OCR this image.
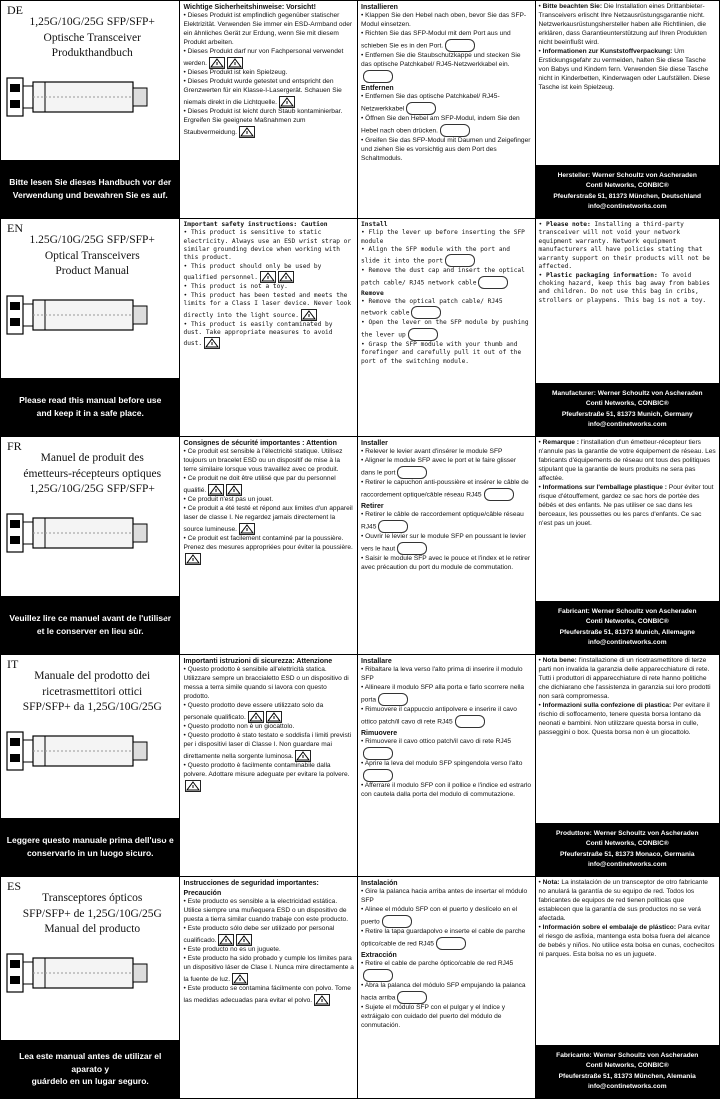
DE
1,25G/10G/25G SFP/SFP+
Optische Transceiver
Produkthandbuch
Bitte lesen Sie dieses Handbuch vor der
Verwendung und bewahren Sie es auf.
Wichtige Sicherheitshinweise: Vorsicht!
• Dieses Produkt ist empfindlich gegenüber statischer Elektrizität. Verwenden Sie immer ein ESD-Armband oder ein ähnliches Gerät zur Erdung, wenn Sie mit diesem Produkt arbeiten.
• Dieses Produkt darf nur von Fachpersonal verwendet werden.
• Dieses Produkt ist kein Spielzeug.
• Dieses Produkt wurde getestet und entspricht den Grenzwerten für ein Klasse-I-Lasergerät. Schauen Sie niemals direkt in die Lichtquelle.
• Dieses Produkt ist leicht durch Staub kontaminierbar. Ergreifen Sie geeignete Maßnahmen zum Staubvermeidung.
Installieren
• Klappen Sie den Hebel nach oben, bevor Sie das SFP-Modul einsetzen.
• Richten Sie das SFP-Modul mit dem Port aus und schieben Sie es in den Port.
• Entfernen Sie die Staubschutzkappe und stecken Sie das optische Patchkabel/ RJ45-Netzwerkkabel ein.
Entfernen
• Entfernen Sie das optische Patchkabel/ RJ45-Netzwerkkabel
• Öffnen Sie den Hebel am SFP-Modul, indem Sie den Hebel nach oben drücken.
• Greifen Sie das SFP-Modul mit Daumen und Zeigefinger und ziehen Sie es vorsichtig aus dem Port des Schaltmoduls.
• Bitte beachten Sie: Die Installation eines Drittanbieter-Transceivers erlischt Ihre Netzausrüstungsgarantie nicht. Netzwerkausrüstungshersteller haben alle Richtlinien, die erklären, dass Garantieunterstützung auf Ihren Produkten nicht beeinflußt wird.
• Informationen zur Kunststoffverpackung: Um Erstickungsgefahr zu vermeiden, halten Sie diese Tasche von Babys und Kindern fern. Verwenden Sie diese Tasche nicht in Kinderbetten, Kinderwagen oder Laufställen. Diese Tasche ist kein Spielzeug.
Hersteller: Werner Schoultz von Ascheraden
Conti Networks, CONBIC®
Pfeuferstraße 51, 81373 München, Deutschland
info@continetworks.com
EN
1.25G/10G/25G SFP/SFP+
Optical Transceivers
Product Manual
Please read this manual before use
and keep it in a safe place.
Important safety instructions: Caution
• This product is sensitive to static electricity. Always use an ESD wrist strap or similar grounding device when working with this product.
• This product should only be used by qualified personnel.
• This product is not a toy.
• This product has been tested and meets the limits for a Class I laser device. Never look directly into the light source.
• This product is easily contaminated by dust. Take appropriate measures to avoid dust.
Install
• Flip the lever up before inserting the SFP module
• Align the SFP module with the port and slide it into the port
• Remove the dust cap and insert the optical patch cable/ RJ45 network cable
Remove
• Remove the optical patch cable/ RJ45 network cable
• Open the lever on the SFP module by pushing the lever up
• Grasp the SFP module with your thumb and forefinger and carefully pull it out of the port of the switching module.
• Please note: Installing a third-party transceiver will not void your network equipment warranty. Network equipment manufacturers all have policies stating that warranty support on their products will not be affected.
• Plastic packaging information: To avoid choking hazard, keep this bag away from babies and children. Do not use this bag in cribs, strollers or playpens. This bag is not a toy.
Manufacturer: Werner Schoultz von Ascheraden
Conti Networks, CONBIC®
Pfeuferstraße 51, 81373 Munich, Germany
info@continetworks.com
FR
Manuel de produit des
émetteurs-récepteurs optiques
1,25G/10G/25G SFP/SFP+
Veuillez lire ce manuel avant de l'utiliser
et le conserver en lieu sûr.
Consignes de sécurité importantes : Attention
• Ce produit est sensible à l'électricité statique. Utilisez toujours un bracelet ESD ou un dispositif de mise à la terre similaire lorsque vous travaillez avec ce produit.
• Ce produit ne doit être utilisé que par du personnel qualifié.
• Ce produit n'est pas un jouet.
• Ce produit a été testé et répond aux limites d'un appareil laser de classe I. Ne regardez jamais directement la source lumineuse.
• Ce produit est facilement contaminé par la poussière. Prenez des mesures appropriées pour éviter la poussière.
Installer
• Relever le levier avant d'insérer le module SFP
• Aligner le module SFP avec le port et le faire glisser dans le port
• Retirer le capuchon anti-poussière et insérer le câble de raccordement optique/câble réseau RJ45
Retirer
• Retirer le câble de raccordement optique/câble réseau RJ45
• Ouvrir le levier sur le module SFP en poussant le levier vers le haut
• Saisir le module SFP avec le pouce et l'index et le retirer avec précaution du port du module de commutation.
• Remarque : l'installation d'un émetteur-récepteur tiers n'annule pas la garantie de votre équipement de réseau. Les fabricants d'équipements de réseau ont tous des politiques stipulant que la garantie de leurs produits ne sera pas affectée.
• Informations sur l'emballage plastique : Pour éviter tout risque d'étouffement, gardez ce sac hors de portée des bébés et des enfants. Ne pas utiliser ce sac dans les berceaux, les poussettes ou les parcs d'enfants. Ce sac n'est pas un jouet.
Fabricant: Werner Schoultz von Ascheraden
Conti Networks, CONBIC®
Pfeuferstraße 51, 81373 Munich, Allemagne
info@continetworks.com
IT
Manuale del prodotto dei
ricetrasmettitori ottici
SFP/SFP+ da 1,25G/10G/25G
Leggere questo manuale prima dell'uso e
conservarlo in un luogo sicuro.
Importanti istruzioni di sicurezza: Attenzione
• Questo prodotto è sensibile all'elettricità statica. Utilizzare sempre un braccialetto ESD o un dispositivo di messa a terra simile quando si lavora con questo prodotto.
• Questo prodotto deve essere utilizzato solo da personale qualificato.
• Questo prodotto non è un giocattolo.
• Questo prodotto è stato testato e soddisfa i limiti previsti per i dispositivi laser di Classe I. Non guardare mai direttamente nella sorgente luminosa.
• Questo prodotto è facilmente contaminabile dalla polvere. Adottare misure adeguate per evitare la polvere.
Installare
• Ribaltare la leva verso l'alto prima di inserire il modulo SFP
• Allineare il modulo SFP alla porta e farlo scorrere nella porta
• Rimuovere il cappuccio antipolvere e inserire il cavo ottico patch/il cavo di rete RJ45
Rimuovere
• Rimuovere il cavo ottico patch/il cavo di rete RJ45
• Aprire la leva del modulo SFP spingendola verso l'alto
• Afferrare il modulo SFP con il pollice e l'indice ed estrarlo con cautela dalla porta del modulo di commutazione.
• Nota bene: l'installazione di un ricetrasmettitore di terze parti non invalida la garanzia delle apparecchiature di rete. Tutti i produttori di apparecchiature di rete hanno politiche che dichiarano che l'assistenza in garanzia sui loro prodotti non sarà compromessa.
• Informazioni sulla confezione di plastica: Per evitare il rischio di soffocamento, tenere questa borsa lontano da neonati e bambini. Non utilizzare questa borsa in culle, passeggini o box. Questa borsa non è un giocattolo.
Produttore: Werner Schoultz von Ascheraden
Conti Networks, CONBIC®
Pfeuferstraße 51, 81373 Monaco, Germania
info@continetworks.com
ES
Transceptores ópticos
SFP/SFP+ de 1,25G/10G/25G
Manual del producto
Lea este manual antes de utilizar el aparato y
guárdelo en un lugar seguro.
Instrucciones de seguridad importantes:
Precaución
• Este producto es sensible a la electricidad estática. Utilice siempre una muñequera ESD o un dispositivo de puesta a tierra similar cuando trabaje con este producto.
• Este producto sólo debe ser utilizado por personal cualificado.
• Este producto no es un juguete.
• Este producto ha sido probado y cumple los límites para un dispositivo láser de Clase I. Nunca mire directamente a la fuente de luz.
• Este producto se contamina fácilmente con polvo. Tome las medidas adecuadas para evitar el polvo.
Instalación
• Gire la palanca hacia arriba antes de insertar el módulo SFP
• Alinee el módulo SFP con el puerto y deslícelo en el puerto
• Retire la tapa guardapolvo e inserte el cable de parche óptico/cable de red RJ45
Extracción
• Retire el cable de parche óptico/cable de red RJ45
• Abra la palanca del módulo SFP empujando la palanca hacia arriba
• Sujete el módulo SFP con el pulgar y el índice y extráigalo con cuidado del puerto del módulo de conmutación.
• Nota: La instalación de un transceptor de otro fabricante no anulará la garantía de su equipo de red. Todos los fabricantes de equipos de red tienen políticas que establecen que la garantía de sus productos no se verá afectada.
• Información sobre el embalaje de plástico: Para evitar el riesgo de asfixia, mantenga esta bolsa fuera del alcance de bebés y niños. No utilice esta bolsa en cunas, cochecitos ni parques. Esta bolsa no es un juguete.
Fabricante: Werner Schoultz von Ascheraden
Conti Networks, CONBIC®
Pfeuferstraße 51, 81373 München, Alemania
info@continetworks.com
